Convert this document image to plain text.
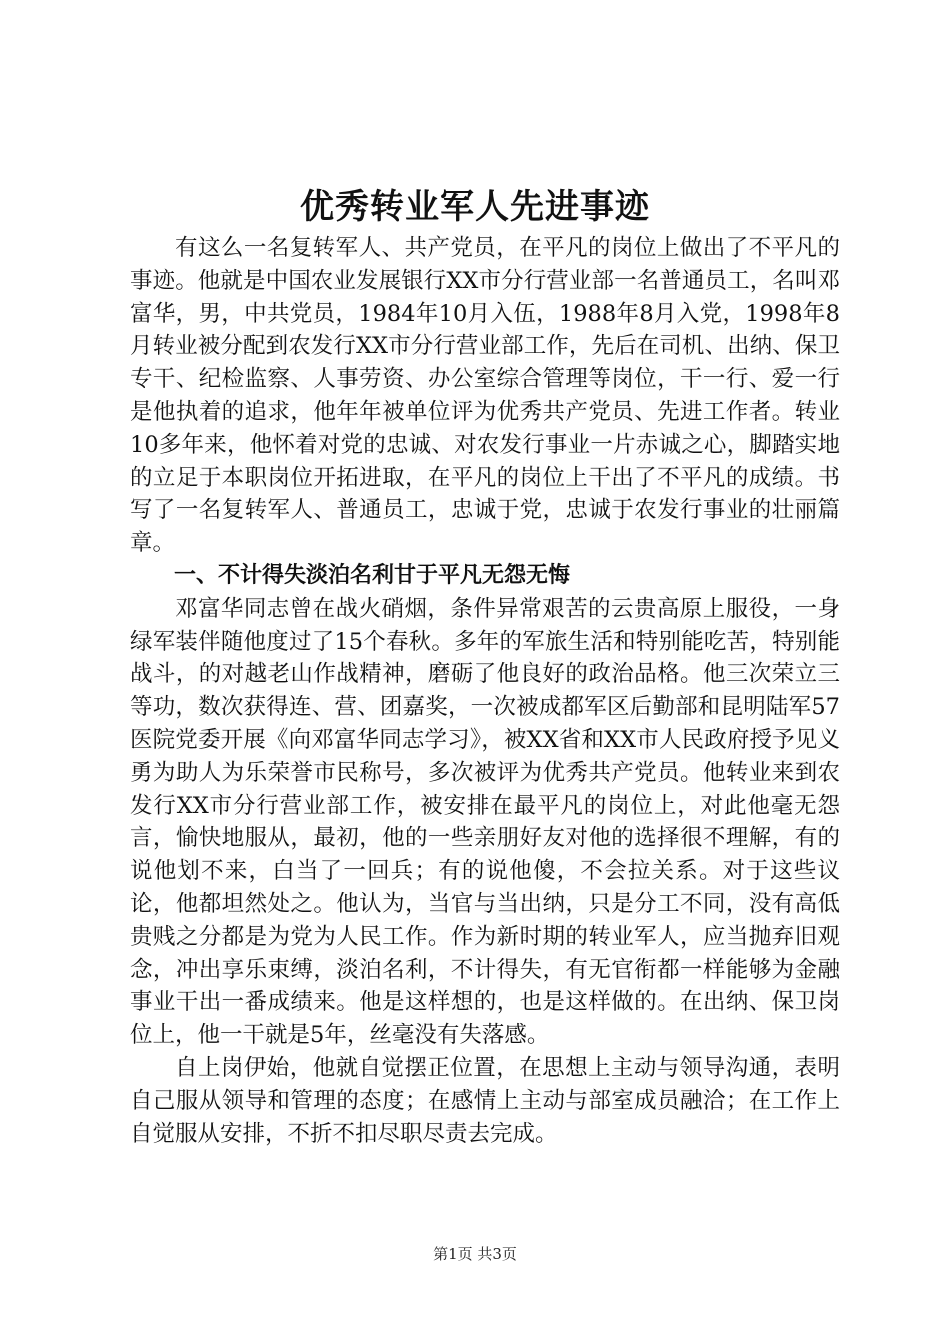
优秀转业军人先进事迹

有这么一名复转军人、共产党员，在平凡的岗位上做出了不平凡的事迹。他就是中国农业发展银行XX市分行营业部一名普通员工，名叫邓富华，男，中共党员，1984年10月入伍，1988年8月入党，1998年8月转业被分配到农发行XX市分行营业部工作，先后在司机、出纳、保卫专干、纪检监察、人事劳资、办公室综合管理等岗位，干一行、爱一行是他执着的追求，他年年被单位评为优秀共产党员、先进工作者。转业10多年来，他怀着对党的忠诚、对农发行事业一片赤诚之心，脚踏实地的立足于本职岗位开拓进取，在平凡的岗位上干出了不平凡的成绩。书写了一名复转军人、普通员工，忠诚于党，忠诚于农发行事业的壮丽篇章。

一、不计得失淡泊名利甘于平凡无怨无悔

邓富华同志曾在战火硝烟，条件异常艰苦的云贵高原上服役，一身绿军装伴随他度过了15个春秋。多年的军旅生活和特别能吃苦，特别能战斗，的对越老山作战精神，磨砺了他良好的政治品格。他三次荣立三等功，数次获得连、营、团嘉奖，一次被成都军区后勤部和昆明陆军57医院党委开展《向邓富华同志学习》，被XX省和XX市人民政府授予见义勇为助人为乐荣誉市民称号，多次被评为优秀共产党员。他转业来到农发行XX市分行营业部工作，被安排在最平凡的岗位上，对此他毫无怨言，愉快地服从，最初，他的一些亲朋好友对他的选择很不理解，有的说他划不来，白当了一回兵；有的说他傻，不会拉关系。对于这些议论，他都坦然处之。他认为，当官与当出纳，只是分工不同，没有高低贵贱之分都是为党为人民工作。作为新时期的转业军人，应当抛弃旧观念，冲出享乐束缚，淡泊名利，不计得失，有无官衔都一样能够为金融事业干出一番成绩来。他是这样想的，也是这样做的。在出纳、保卫岗位上，他一干就是5年，丝毫没有失落感。

自上岗伊始，他就自觉摆正位置，在思想上主动与领导沟通，表明自己服从领导和管理的态度；在感情上主动与部室成员融洽；在工作上自觉服从安排，不折不扣尽职尽责去完成。

第1页 共3页
